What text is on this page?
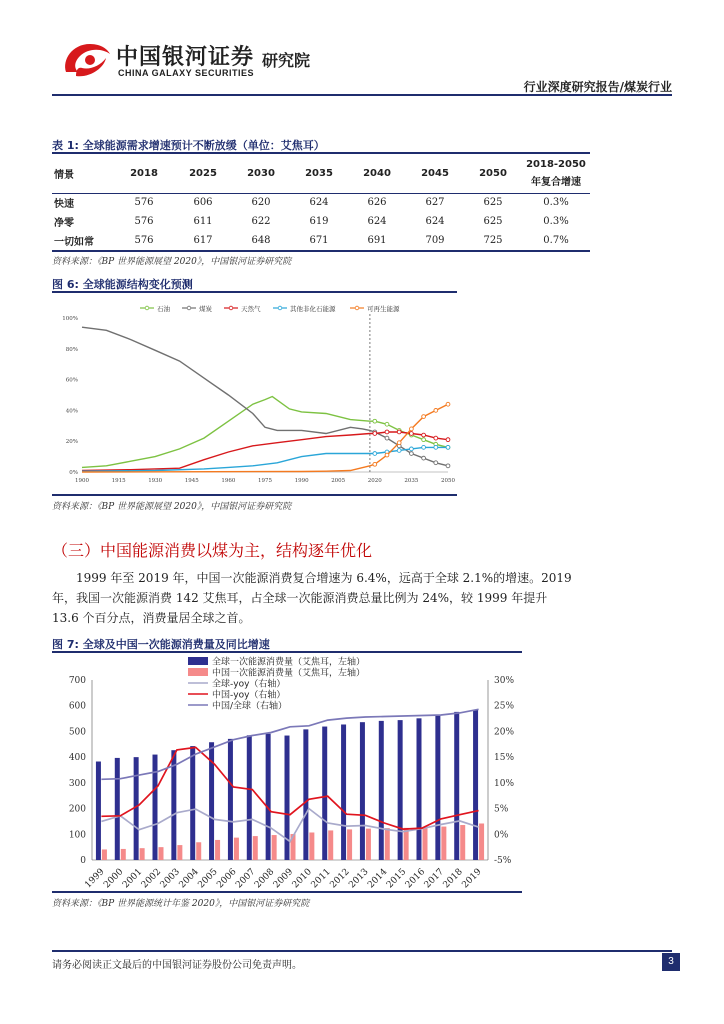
中国银河证券
CHINA GALAXY SECURITIES
研究院
行业深度研究报告/煤炭行业
表 1: 全球能源需求增速预计不断放缓（单位：艾焦耳）
情景	2018	2025	2030	2035	2040	2045	2050	2018-2050
年复合增速

快速	576	606	620	624	626	627	625	0.3%
净零	576	611	622	619	624	624	625	0.3%
一切如常	576	617	648	671	691	709	725	0.7%
资料来源：《BP 世界能源展望 2020》，中国银河证券研究院
图 6: 全球能源结构变化预测
石油	煤炭	天然气	其他非化石能源	可再生能源
0%
20%
40%
60%
80%
100%
1900	1915	1930	1945	1960	1975	1990	2005	2020	2035	2050
资料来源：《BP 世界能源展望 2020》，中国银河证券研究院
（三）中国能源消费以煤为主，结构逐年优化
1999 年至 2019 年，中国一次能源消费复合增速为 6.4%，远高于全球 2.1%的增速。2019
年，我国一次能源消费 142 艾焦耳，占全球一次能源消费总量比例为 24%，较 1999 年提升
13.6 个百分点，消费量居全球之首。
图 7: 全球及中国一次能源消费量及同比增速
全球一次能源消费量（艾焦耳，左轴）
中国一次能源消费量（艾焦耳，左轴）
全球-yoy（右轴）
中国-yoy（右轴）
中国/全球（右轴）
0
100
200
300
400
500
600
700
-5%
0%
5%
10%
15%
20%
25%
30%
1999
2000
2001
2002
2003
2004
2005
2006
2007
2008
2009
2010
2011
2012
2013
2014
2015
2016
2017
2018
2019
资料来源：《BP 世界能源统计年鉴 2020》，中国银河证券研究院
请务必阅读正文最后的中国银河证券股份公司免责声明。	3
